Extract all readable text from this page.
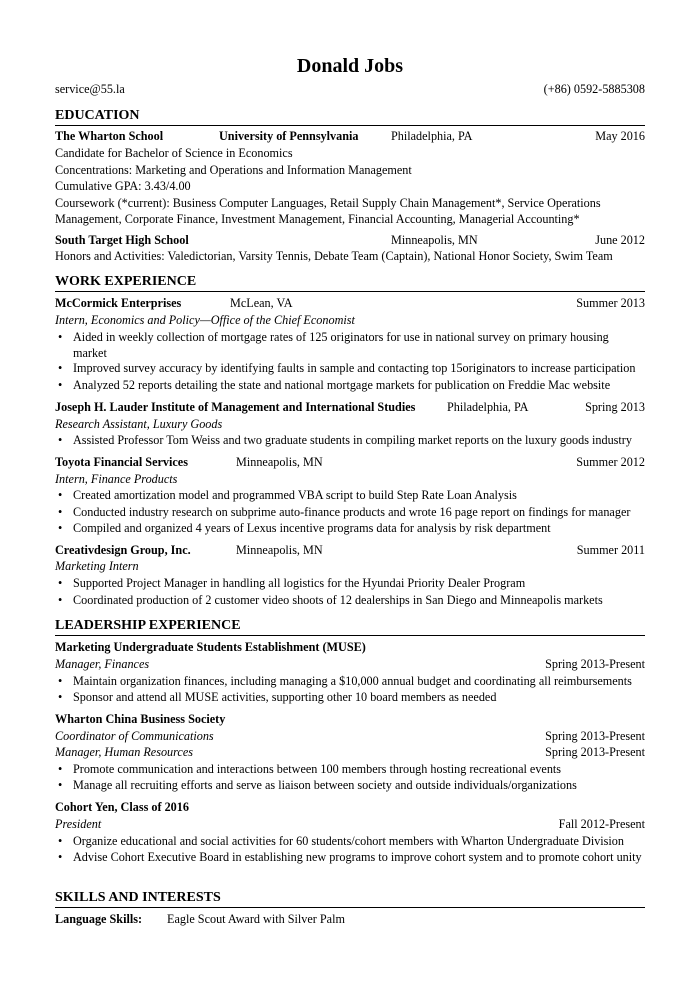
Donald Jobs
service@55.la	(+86) 0592-5885308
EDUCATION
The Wharton School	University of Pennsylvania	Philadelphia, PA	May 2016
Candidate for Bachelor of Science in Economics
Concentrations: Marketing and Operations and Information Management
Cumulative GPA: 3.43/4.00
Coursework (*current): Business Computer Languages, Retail Supply Chain Management*, Service Operations Management, Corporate Finance, Investment Management, Financial Accounting, Managerial Accounting*
South Target High School	Minneapolis, MN	June 2012
Honors and Activities: Valedictorian, Varsity Tennis, Debate Team (Captain), National Honor Society, Swim Team
WORK EXPERIENCE
McCormick Enterprises	McLean, VA	Summer 2013
Intern, Economics and Policy—Office of the Chief Economist
• Aided in weekly collection of mortgage rates of 125 originators for use in national survey on primary housing market
• Improved survey accuracy by identifying faults in sample and contacting top 15originators to increase participation
• Analyzed 52 reports detailing the state and national mortgage markets for publication on Freddie Mac website
Joseph H. Lauder Institute of Management and International Studies	Philadelphia, PA	Spring 2013
Research Assistant, Luxury Goods
• Assisted Professor Tom Weiss and two graduate students in compiling market reports on the luxury goods industry
Toyota Financial Services	Minneapolis, MN	Summer 2012
Intern, Finance Products
• Created amortization model and programmed VBA script to build Step Rate Loan Analysis
• Conducted industry research on subprime auto-finance products and wrote 16 page report on findings for manager
• Compiled and organized 4 years of Lexus incentive programs data for analysis by risk department
Creativdesign Group, Inc.	Minneapolis, MN	Summer 2011
Marketing Intern
• Supported Project Manager in handling all logistics for the Hyundai Priority Dealer Program
• Coordinated production of 2 customer video shoots of 12 dealerships in San Diego and Minneapolis markets
LEADERSHIP EXPERIENCE
Marketing Undergraduate Students Establishment (MUSE)
Manager, Finances	Spring 2013-Present
• Maintain organization finances, including managing a $10,000 annual budget and coordinating all reimbursements
• Sponsor and attend all MUSE activities, supporting other 10 board members as needed
Wharton China Business Society
Coordinator of Communications	Spring 2013-Present
Manager, Human Resources	Spring 2013-Present
• Promote communication and interactions between 100 members through hosting recreational events
• Manage all recruiting efforts and serve as liaison between society and outside individuals/organizations
Cohort Yen, Class of 2016
President	Fall 2012-Present
• Organize educational and social activities for 60 students/cohort members with Wharton Undergraduate Division
• Advise Cohort Executive Board in establishing new programs to improve cohort system and to promote cohort unity
SKILLS AND INTERESTS
Language Skills: Eagle Scout Award with Silver Palm
